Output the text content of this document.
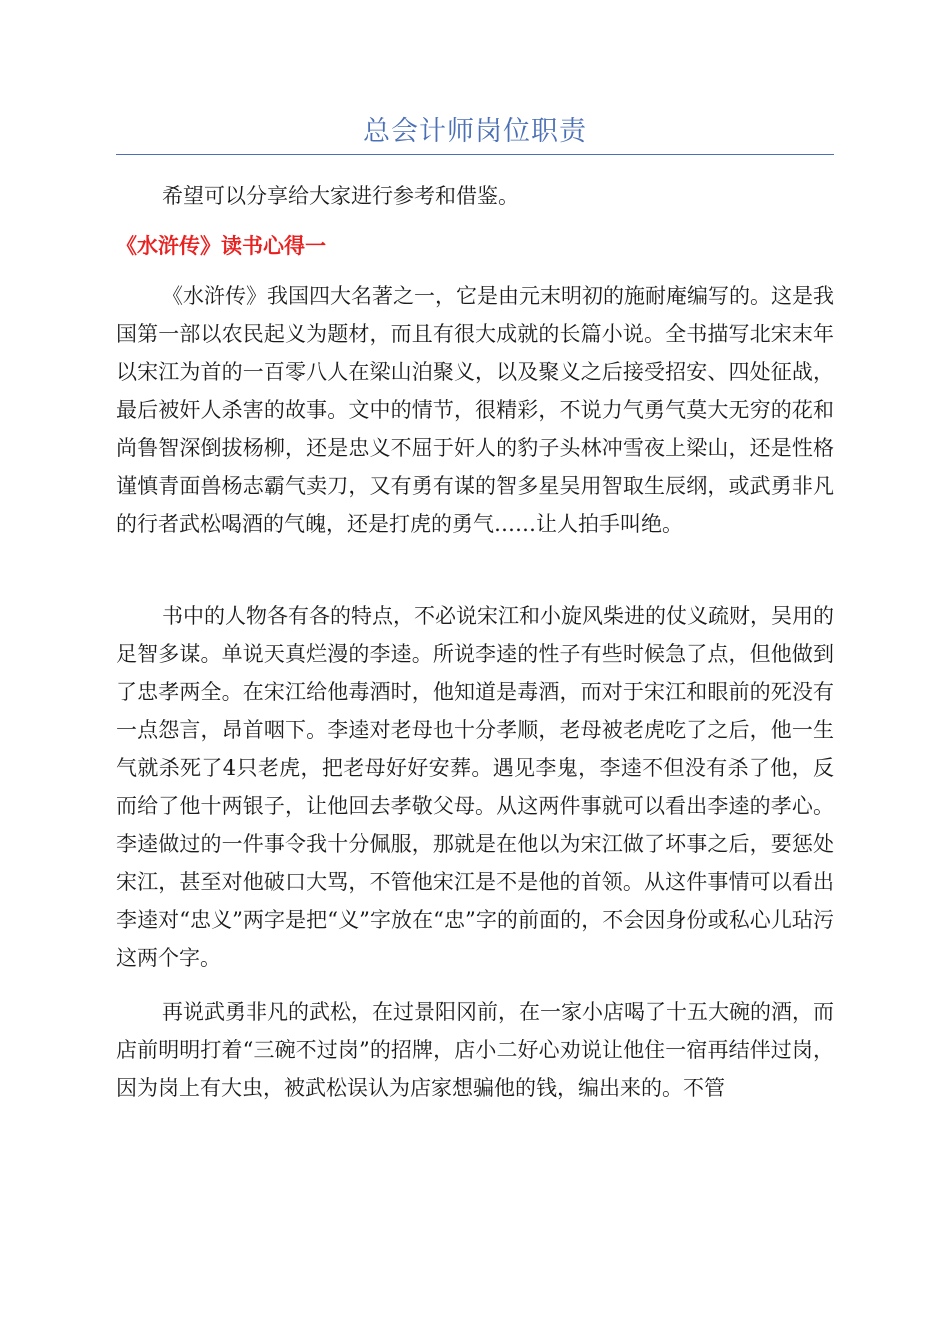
总会计师岗位职责
希望可以分享给大家进行参考和借鉴。
《水浒传》读书心得一

《水浒传》我国四大名著之一，它是由元末明初的施耐庵编写的。这是我国第一部以农民起义为题材，而且有很大成就的长篇小说。全书描写北宋末年以宋江为首的一百零八人在梁山泊聚义，以及聚义之后接受招安、四处征战，最后被奸人杀害的故事。文中的情节，很精彩，不说力气勇气莫大无穷的花和尚鲁智深倒拔杨柳，还是忠义不屈于奸人的豹子头林冲雪夜上梁山，还是性格谨慎青面兽杨志霸气卖刀，又有勇有谋的智多星吴用智取生辰纲，或武勇非凡的行者武松喝酒的气魄，还是打虎的勇气……让人拍手叫绝。

书中的人物各有各的特点，不必说宋江和小旋风柴进的仗义疏财，吴用的足智多谋。单说天真烂漫的李逵。所说李逵的性子有些时候急了点，但他做到了忠孝两全。在宋江给他毒酒时，他知道是毒酒，而对于宋江和眼前的死没有一点怨言，昂首咽下。李逵对老母也十分孝顺，老母被老虎吃了之后，他一生气就杀死了4只老虎，把老母好好安葬。遇见李鬼，李逵不但没有杀了他，反而给了他十两银子，让他回去孝敬父母。从这两件事就可以看出李逵的孝心。李逵做过的一件事令我十分佩服，那就是在他以为宋江做了坏事之后，要惩处宋江，甚至对他破口大骂，不管他宋江是不是他的首领。从这件事情可以看出李逵对“忠义”两字是把“义”字放在“忠”字的前面的，不会因身份或私心儿玷污这两个字。

再说武勇非凡的武松，在过景阳冈前，在一家小店喝了十五大碗的酒，而店前明明打着“三碗不过岗”的招牌，店小二好心劝说让他住一宿再结伴过岗，因为岗上有大虫，被武松误认为店家想骗他的钱，编出来的。不管
